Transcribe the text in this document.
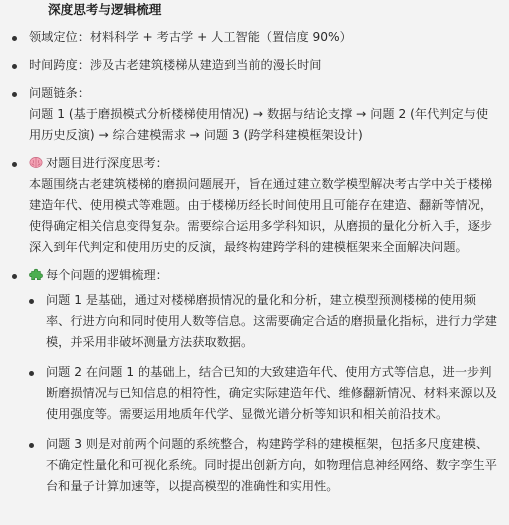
深度思考与逻辑梳理
领域定位：材料科学 + 考古学 + 人工智能（置信度 90%）
时间跨度：涉及古老建筑楼梯从建造到当前的漫长时间
问题链条：
问题 1 (基于磨损模式分析楼梯使用情况) → 数据与结论支撑 → 问题 2 (年代判定与使用历史反演) → 综合建模需求 → 问题 3 (跨学科建模框架设计)
对题目进行深度思考：
本题围绕古老建筑楼梯的磨损问题展开，旨在通过建立数学模型解决考古学中关于楼梯建造年代、使用模式等难题。由于楼梯历经长时间使用且可能存在建造、翻新等情况，使得确定相关信息变得复杂。需要综合运用多学科知识，从磨损的量化分析入手，逐步深入到年代判定和使用历史的反演，最终构建跨学科的建模框架来全面解决问题。
每个问题的逻辑梳理：
问题 1 是基础，通过对楼梯磨损情况的量化和分析，建立模型预测楼梯的使用频率、行进方向和同时使用人数等信息。这需要确定合适的磨损量化指标，进行力学建模，并采用非破坏测量方法获取数据。
问题 2 在问题 1 的基础上，结合已知的大致建造年代、使用方式等信息，进一步判断磨损情况与已知信息的相符性，确定实际建造年代、维修翻新情况、材料来源以及使用强度等。需要运用地质年代学、显微光谱分析等知识和相关前沿技术。
问题 3 则是对前两个问题的系统整合，构建跨学科的建模框架，包括多尺度建模、不确定性量化和可视化系统。同时提出创新方向，如物理信息神经网络、数字孪生平台和量子计算加速等，以提高模型的准确性和实用性。
